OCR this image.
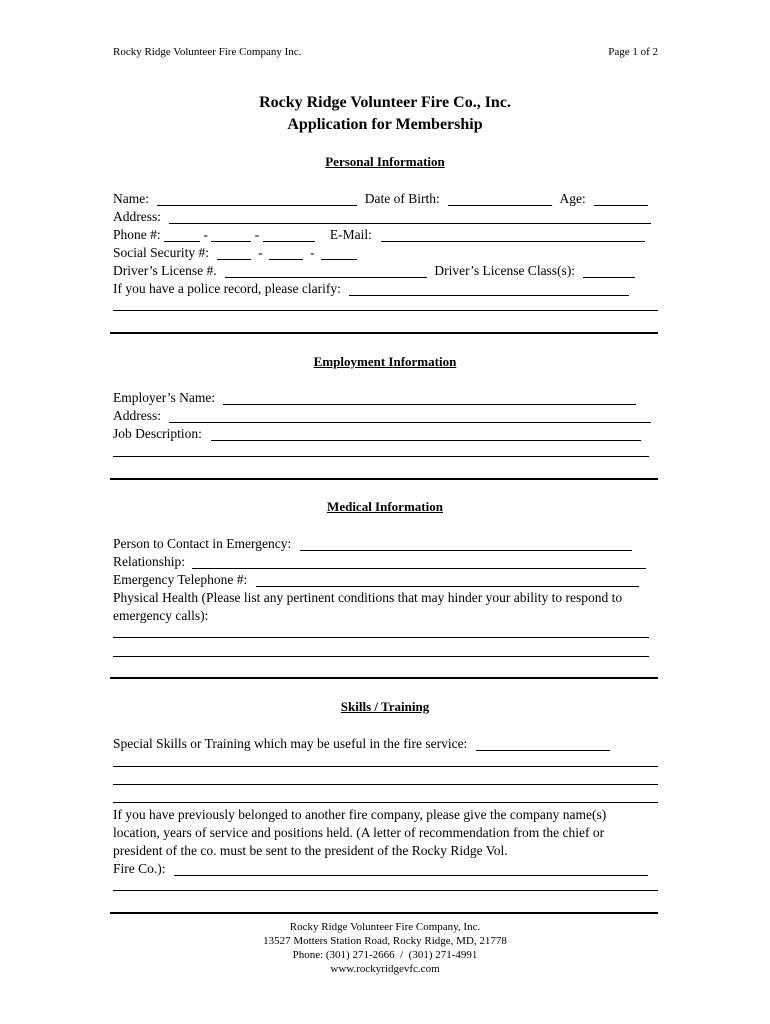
Rocky Ridge Volunteer Fire Company Inc.	Page 1 of 2
Rocky Ridge Volunteer Fire Co., Inc.
Application for Membership
Personal Information
Name:	Date of Birth:	Age:
Address:
Phone #:	-	-	E-Mail:
Social Security #:	-	-
Driver’s License #.	Driver’s License Class(s):
If you have a police record, please clarify:
Employment Information
Employer’s Name:
Address:
Job Description:
Medical Information
Person to Contact in Emergency:
Relationship:
Emergency Telephone #:
Physical Health (Please list any pertinent conditions that may hinder your ability to respond to emergency calls):
Skills / Training
Special Skills or Training which may be useful in the fire service:
If you have previously belonged to another fire company, please give the company name(s) location, years of service and positions held. (A letter of recommendation from the chief or president of the co. must be sent to the president of the Rocky Ridge Vol.
Fire Co.):
Rocky Ridge Volunteer Fire Company, Inc.
13527 Motters Station Road, Rocky Ridge, MD, 21778
Phone: (301) 271-2666  /  (301) 271-4991
www.rockyridgevfc.com
